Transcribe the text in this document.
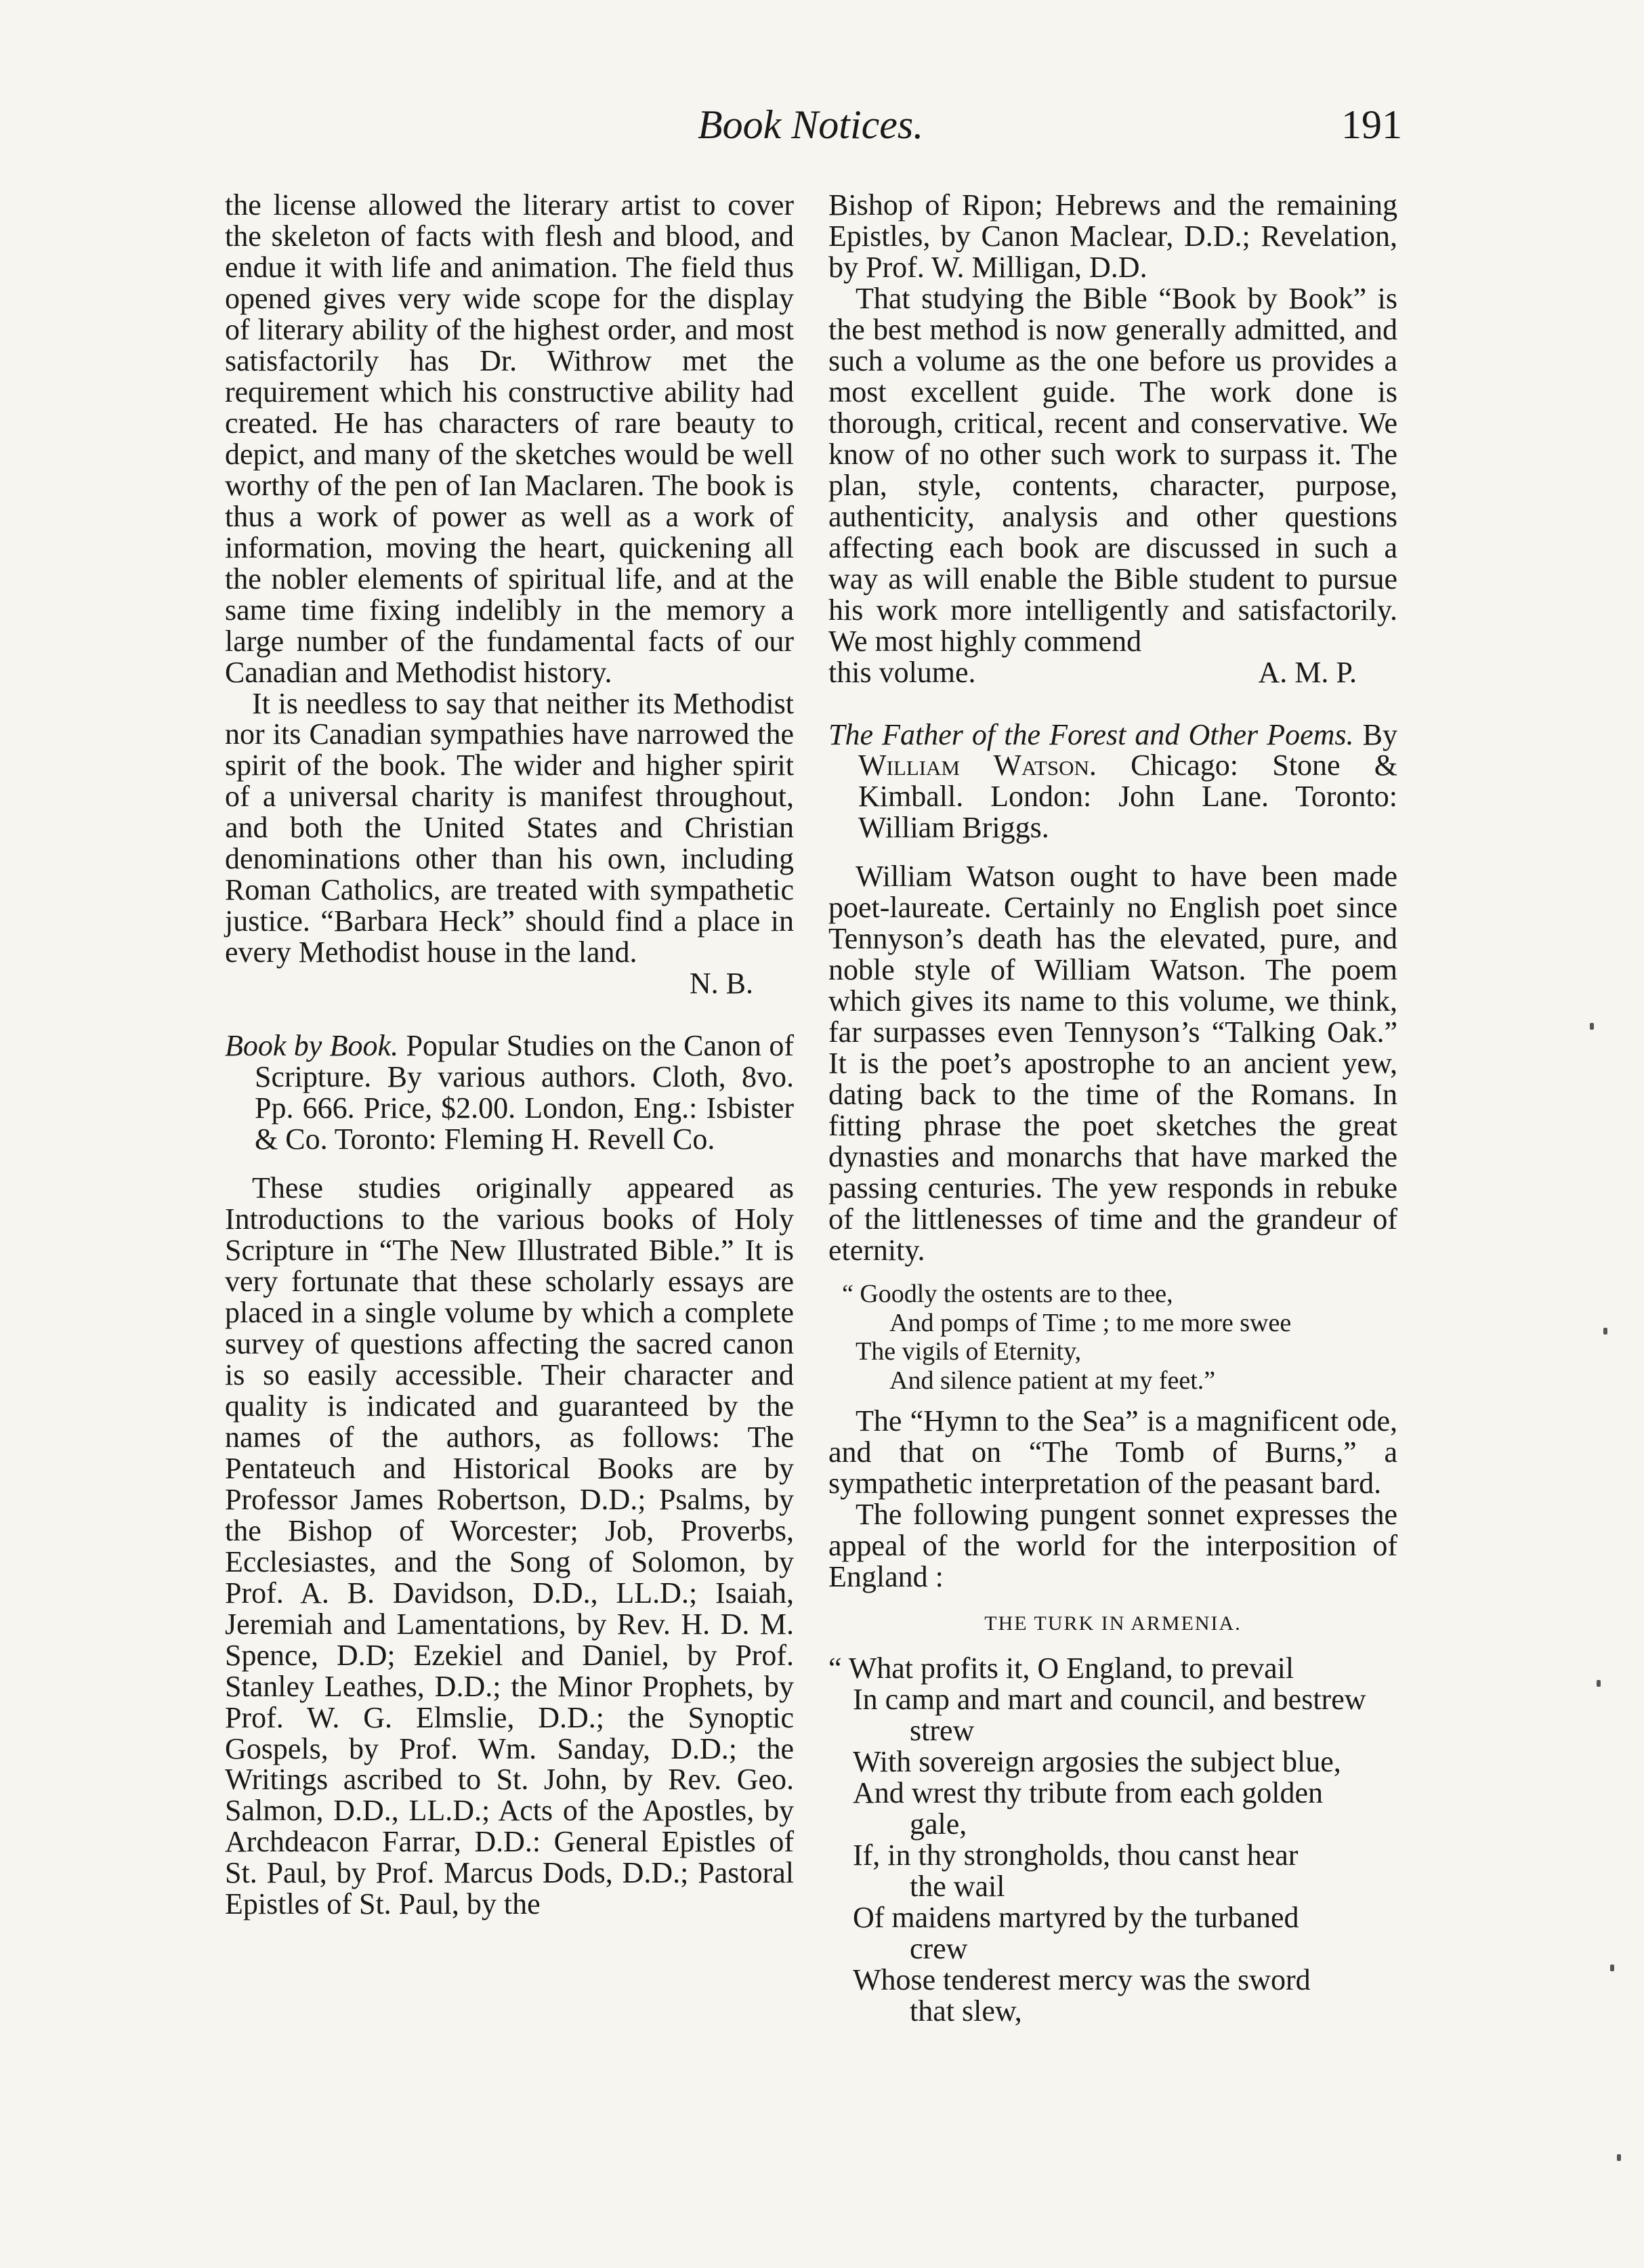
Book Notices.	191

the license allowed the literary artist to cover the skeleton of facts with flesh and blood, and endue it with life and animation. The field thus opened gives very wide scope for the display of literary ability of the highest order, and most satisfactorily has Dr. Withrow met the requirement which his constructive ability had created. He has characters of rare beauty to depict, and many of the sketches would be well worthy of the pen of Ian Maclaren. The book is thus a work of power as well as a work of information, moving the heart, quickening all the nobler elements of spiritual life, and at the same time fixing indelibly in the memory a large number of the fundamental facts of our Canadian and Methodist history.

It is needless to say that neither its Methodist nor its Canadian sympathies have narrowed the spirit of the book. The wider and higher spirit of a universal charity is manifest throughout, and both the United States and Christian denominations other than his own, including Roman Catholics, are treated with sympathetic justice. “Barbara Heck” should find a place in every Methodist house in the land.

N. B.

Book by Book. Popular Studies on the Canon of Scripture. By various authors. Cloth, 8vo. Pp. 666. Price, $2.00. London, Eng.: Isbister & Co. Toronto: Fleming H. Revell Co.

These studies originally appeared as Introductions to the various books of Holy Scripture in “The New Illustrated Bible.” It is very fortunate that these scholarly essays are placed in a single volume by which a complete survey of questions affecting the sacred canon is so easily accessible. Their character and quality is indicated and guaranteed by the names of the authors, as follows: The Pentateuch and Historical Books are by Professor James Robertson, D.D.; Psalms, by the Bishop of Worcester; Job, Proverbs, Ecclesiastes, and the Song of Solomon, by Prof. A. B. Davidson, D.D., LL.D.; Isaiah, Jeremiah and Lamentations, by Rev. H. D. M. Spence, D.D; Ezekiel and Daniel, by Prof. Stanley Leathes, D.D.; the Minor Prophets, by Prof. W. G. Elmslie, D.D.; the Synoptic Gospels, by Prof. Wm. Sanday, D.D.; the Writings ascribed to St. John, by Rev. Geo. Salmon, D.D., LL.D.; Acts of the Apostles, by Archdeacon Farrar, D.D.: General Epistles of St. Paul, by Prof. Marcus Dods, D.D.; Pastoral Epistles of St. Paul, by the

Bishop of Ripon; Hebrews and the remaining Epistles, by Canon Maclear, D.D.; Revelation, by Prof. W. Milligan, D.D.

That studying the Bible “Book by Book” is the best method is now generally admitted, and such a volume as the one before us provides a most excellent guide. The work done is thorough, critical, recent and conservative. We know of no other such work to surpass it. The plan, style, contents, character, purpose, authenticity, analysis and other questions affecting each book are discussed in such a way as will enable the Bible student to pursue his work more intelligently and satisfactorily. We most highly commend

this volume.	A. M. P.

The Father of the Forest and Other Poems. By William Watson. Chicago: Stone & Kimball. London: John Lane. Toronto: William Briggs.

William Watson ought to have been made poet-laureate. Certainly no English poet since Tennyson’s death has the elevated, pure, and noble style of William Watson. The poem which gives its name to this volume, we think, far surpasses even Tennyson’s “Talking Oak.” It is the poet’s apostrophe to an ancient yew, dating back to the time of the Romans. In fitting phrase the poet sketches the great dynasties and monarchs that have marked the passing centuries. The yew responds in rebuke of the littlenesses of time and the grandeur of eternity.

“ Goodly the ostents are to thee,
And pomps of Time ; to me more swee
The vigils of Eternity,
And silence patient at my feet.”

The “Hymn to the Sea” is a magnificent ode, and that on “The Tomb of Burns,” a sympathetic interpretation of the peasant bard.

The following pungent sonnet expresses the appeal of the world for the interposition of England :

THE TURK IN ARMENIA.
“ What profits it, O England, to prevail
In camp and mart and council, and bestrew
strew
With sovereign argosies the subject blue,
And wrest thy tribute from each golden
gale,
If, in thy strongholds, thou canst hear
the wail
Of maidens martyred by the turbaned
crew
Whose tenderest mercy was the sword
that slew,
